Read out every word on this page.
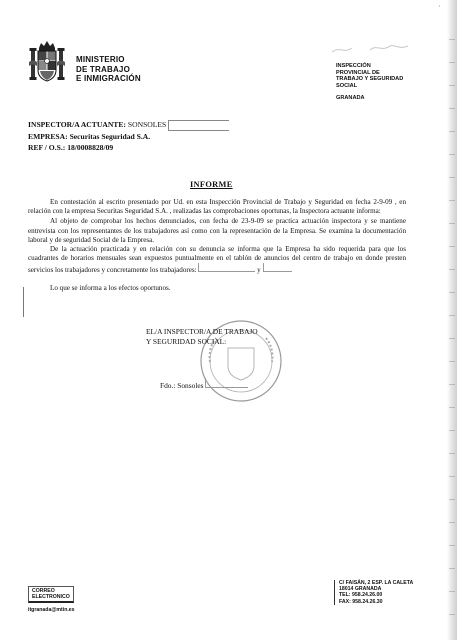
·
MINISTERIO
DE TRABAJO
E INMIGRACIÓN
INSPECCIÓN
PROVINCIAL DE
TRABAJO Y SEGURIDAD
SOCIAL
GRANADA
INSPECTOR/A ACTUANTE: SONSOLES
EMPRESA: Securitas Seguridad S.A.
REF / O.S.: 18/0008828/09
INFORME
En contestación al escrito presentado por Ud. en esta Inspección Provincial de Trabajo y Seguridad en fecha 2-9-09 , en relación con la empresa Securitas Seguridad S.A. , realizadas las comprobaciones oportunas, la Inspectora actuante informa:
Al objeto de comprobar los hechos denunciados, con fecha de 23-9-09 se practica actuación inspectora y se mantiene entrevista con los representantes de los trabajadores así como con la representación de la Empresa. Se examina la documentación laboral y de seguridad Social de la Empresa.
De la actuación practicada y en relación con su denuncia se informa que la Empresa ha sido requerida para que los cuadrantes de horarios mensuales sean expuestos puntualmente en el tablón de anuncios del centro de trabajo en donde presten servicios los trabajadores y concretamente los trabajadores:	y
Lo que se informa a los efectos oportunos.
EL/A INSPECTOR/A DE TRABAJO
Y SEGURIDAD SOCIAL:
Fdo.: Sonsoles
CORREO
ELECTRONICO
itgranada@mtin.es
C/ FAISÁN, 2 ESP. LA CALETA
18014 GRANADA
TEL: 958.24.26.00
FAX: 958.24.26.30
